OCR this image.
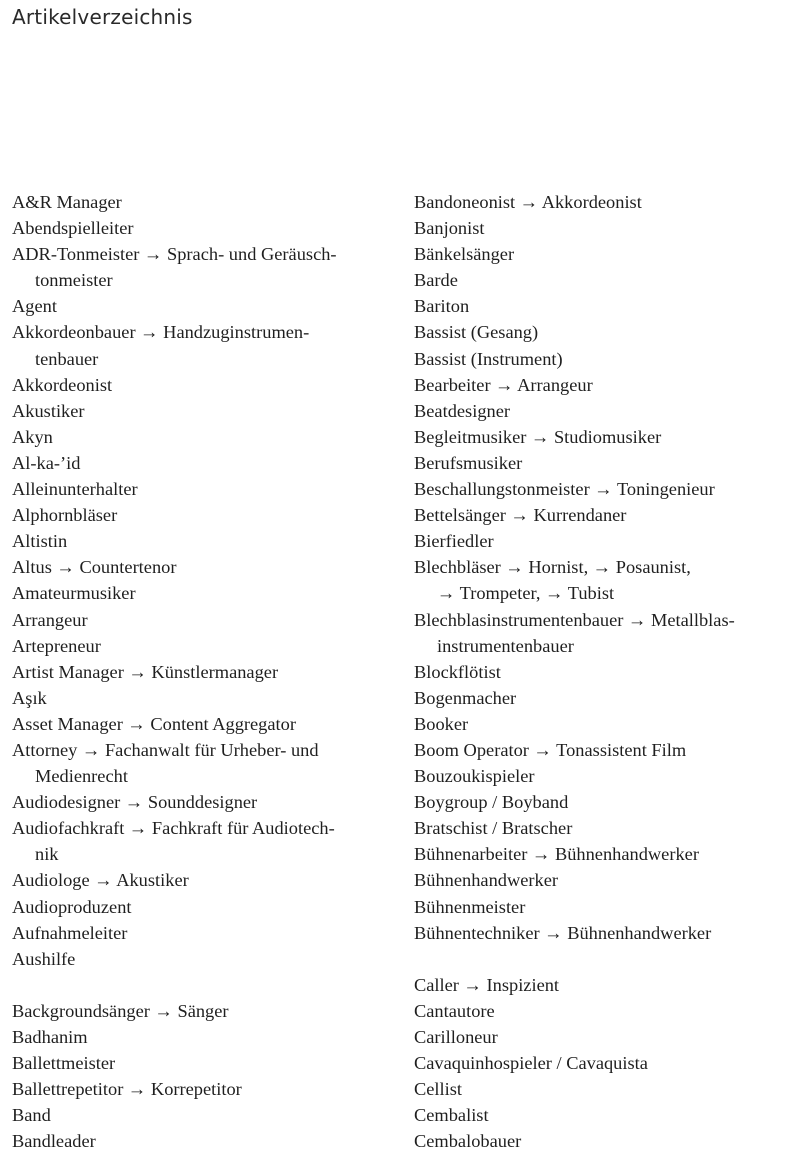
Artikelverzeichnis
A&R Manager
Abendspielleiter
ADR-Tonmeister → Sprach- und Geräusch-
tonmeister
Agent
Akkordeonbauer → Handzuginstrumen-
tenbauer
Akkordeonist
Akustiker
Akyn
Al-ka-’id
Alleinunterhalter
Alphornbläser
Altistin
Altus → Countertenor
Amateurmusiker
Arrangeur
Artepreneur
Artist Manager → Künstlermanager
Aşık
Asset Manager → Content Aggregator
Attorney → Fachanwalt für Urheber- und
Medienrecht
Audiodesigner → Sounddesigner
Audiofachkraft → Fachkraft für Audiotech-
nik
Audiologe → Akustiker
Audioproduzent
Aufnahmeleiter
Aushilfe
Backgroundsänger → Sänger
Badhanim
Ballettmeister
Ballettrepetitor → Korrepetitor
Band
Bandleader
Bandoneonist → Akkordeonist
Banjonist
Bänkelsänger
Barde
Bariton
Bassist (Gesang)
Bassist (Instrument)
Bearbeiter → Arrangeur
Beatdesigner
Begleitmusiker → Studiomusiker
Berufsmusiker
Beschallungstonmeister → Toningenieur
Bettelsänger → Kurrendaner
Bierfiedler
Blechbläser → Hornist, → Posaunist,
→ Trompeter, → Tubist
Blechblasinstrumentenbauer → Metallblas-
instrumentenbauer
Blockflötist
Bogenmacher
Booker
Boom Operator → Tonassistent Film
Bouzoukispieler
Boygroup / Boyband
Bratschist / Bratscher
Bühnenarbeiter → Bühnenhandwerker
Bühnenhandwerker
Bühnenmeister
Bühnentechniker → Bühnenhandwerker
Caller → Inspizient
Cantautore
Carilloneur
Cavaquinhospieler / Cavaquista
Cellist
Cembalist
Cembalobauer
